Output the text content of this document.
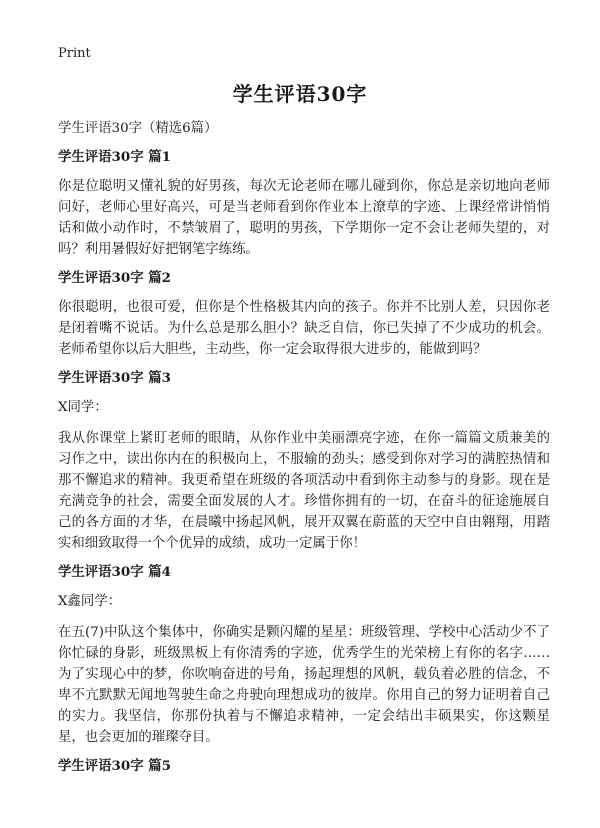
Print
学生评语30字

学生评语30字（精选6篇）

学生评语30字 篇1

你是位聪明又懂礼貌的好男孩，每次无论老师在哪儿碰到你，你总是亲切地向老师问好，老师心里好高兴，可是当老师看到你作业本上潦草的字迹、上课经常讲悄悄话和做小动作时，不禁皱眉了，聪明的男孩，下学期你一定不会让老师失望的，对吗？利用暑假好好把钢笔字练练。

学生评语30字 篇2

你很聪明，也很可爱，但你是个性格极其内向的孩子。你并不比别人差，只因你老是闭着嘴不说话。为什么总是那么胆小？缺乏自信，你已失掉了不少成功的机会。老师希望你以后大胆些，主动些，你一定会取得很大进步的，能做到吗？

学生评语30字 篇3

X同学：

我从你课堂上紧盯老师的眼睛，从你作业中美丽漂亮字迹，在你一篇篇文质兼美的习作之中，读出你内在的积极向上，不服输的劲头；感受到你对学习的满腔热情和那不懈追求的精神。我更希望在班级的各项活动中看到你主动参与的身影。现在是充满竞争的社会，需要全面发展的人才。珍惜你拥有的一切，在奋斗的征途施展自己的各方面的才华，在晨曦中扬起风帆，展开双翼在蔚蓝的天空中自由翱翔，用踏实和细致取得一个个优异的成绩，成功一定属于你！

学生评语30字 篇4

X鑫同学：

在五(7)中队这个集体中，你确实是颗闪耀的星星：班级管理、学校中心活动少不了你忙碌的身影，班级黑板上有你清秀的字迹，优秀学生的光荣榜上有你的名字……为了实现心中的梦，你吹响奋进的号角，扬起理想的风帆，载负着必胜的信念，不卑不亢默默无闻地驾驶生命之舟驶向理想成功的彼岸。你用自己的努力证明着自己的实力。我坚信，你那份执着与不懈追求精神，一定会结出丰硕果实，你这颗星星，也会更加的璀璨夺目。

学生评语30字 篇5
